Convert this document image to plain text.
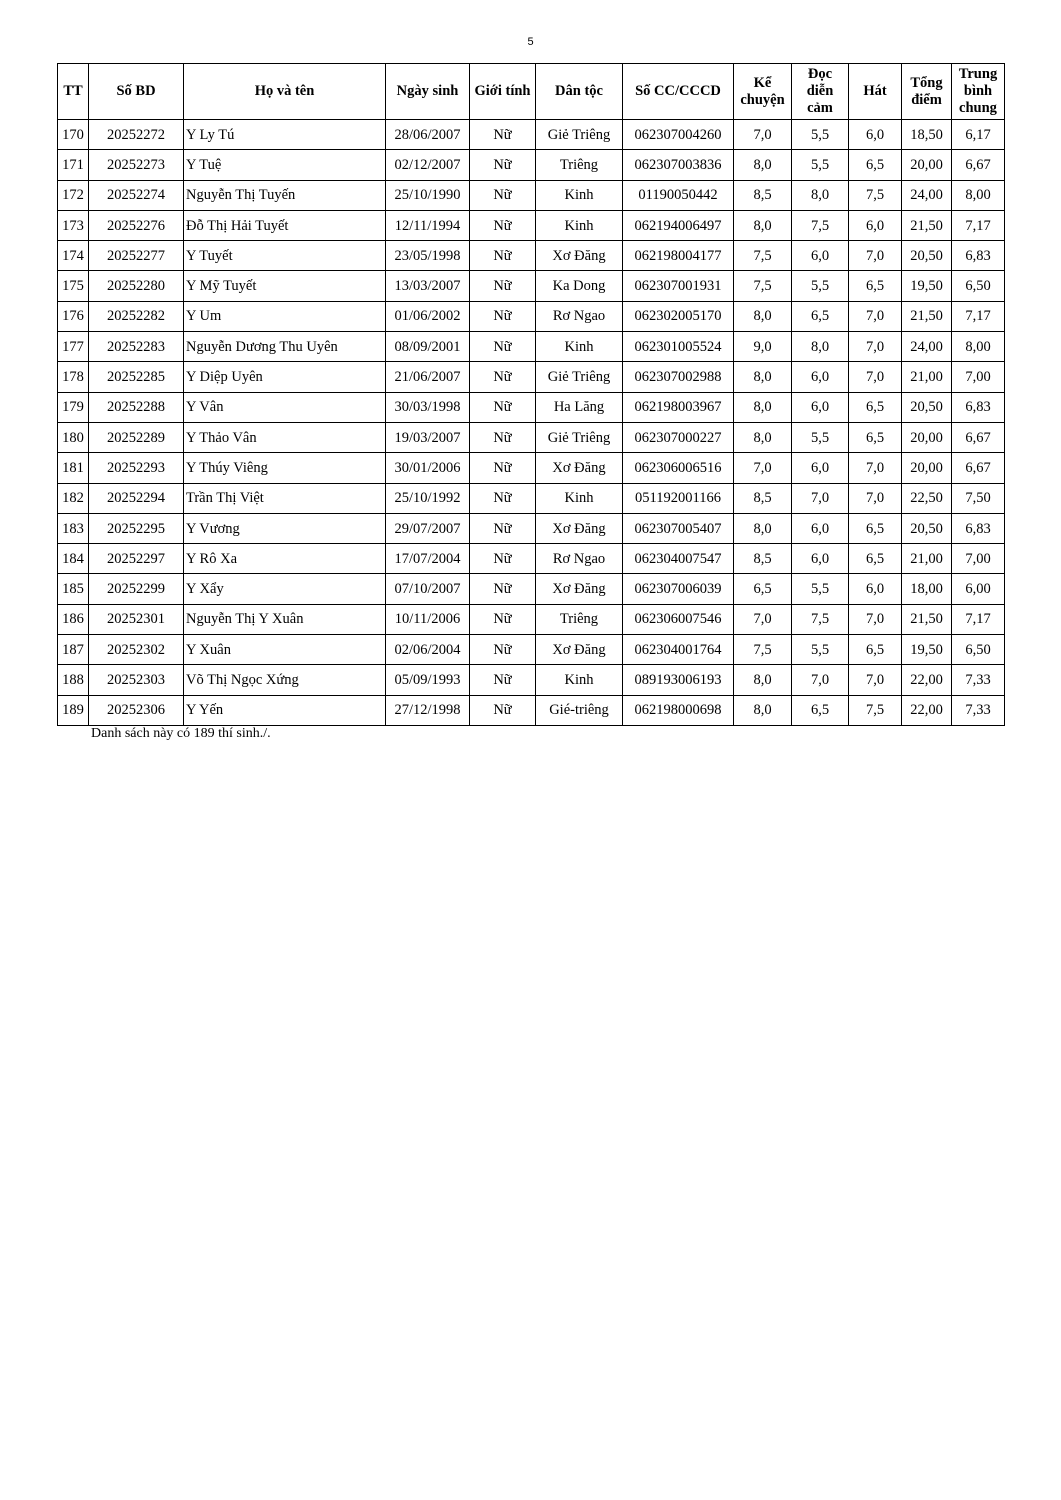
5
TT	Số BD	Họ và tên	Ngày sinh	Giới tính	Dân tộc	Số CC/CCCD	Kể chuyện	Đọc diễn cảm	Hát	Tổng điểm	Trung bình chung
170	20252272	Y Ly Tú	28/06/2007	Nữ	Giẻ Triêng	062307004260	7,0	5,5	6,0	18,50	6,17
171	20252273	Y Tuệ	02/12/2007	Nữ	Triêng	062307003836	8,0	5,5	6,5	20,00	6,67
172	20252274	Nguyễn Thị Tuyến	25/10/1990	Nữ	Kinh	01190050442	8,5	8,0	7,5	24,00	8,00
173	20252276	Đỗ Thị Hải Tuyết	12/11/1994	Nữ	Kinh	062194006497	8,0	7,5	6,0	21,50	7,17
174	20252277	Y Tuyết	23/05/1998	Nữ	Xơ Đăng	062198004177	7,5	6,0	7,0	20,50	6,83
175	20252280	Y Mỹ Tuyết	13/03/2007	Nữ	Ka Dong	062307001931	7,5	5,5	6,5	19,50	6,50
176	20252282	Y Um	01/06/2002	Nữ	Rơ Ngao	062302005170	8,0	6,5	7,0	21,50	7,17
177	20252283	Nguyễn Dương Thu Uyên	08/09/2001	Nữ	Kinh	062301005524	9,0	8,0	7,0	24,00	8,00
178	20252285	Y Diệp Uyên	21/06/2007	Nữ	Giẻ Triêng	062307002988	8,0	6,0	7,0	21,00	7,00
179	20252288	Y Vân	30/03/1998	Nữ	Ha Lăng	062198003967	8,0	6,0	6,5	20,50	6,83
180	20252289	Y Thảo Vân	19/03/2007	Nữ	Giẻ Triêng	062307000227	8,0	5,5	6,5	20,00	6,67
181	20252293	Y Thúy Viêng	30/01/2006	Nữ	Xơ Đăng	062306006516	7,0	6,0	7,0	20,00	6,67
182	20252294	Trần Thị Việt	25/10/1992	Nữ	Kinh	051192001166	8,5	7,0	7,0	22,50	7,50
183	20252295	Y Vương	29/07/2007	Nữ	Xơ Đăng	062307005407	8,0	6,0	6,5	20,50	6,83
184	20252297	Y Rô Xa	17/07/2004	Nữ	Rơ Ngao	062304007547	8,5	6,0	6,5	21,00	7,00
185	20252299	Y Xẩy	07/10/2007	Nữ	Xơ Đăng	062307006039	6,5	5,5	6,0	18,00	6,00
186	20252301	Nguyễn Thị Y Xuân	10/11/2006	Nữ	Triêng	062306007546	7,0	7,5	7,0	21,50	7,17
187	20252302	Y Xuân	02/06/2004	Nữ	Xơ Đăng	062304001764	7,5	5,5	6,5	19,50	6,50
188	20252303	Võ Thị Ngọc Xứng	05/09/1993	Nữ	Kinh	089193006193	8,0	7,0	7,0	22,00	7,33
189	20252306	Y Yến	27/12/1998	Nữ	Gié-triêng	062198000698	8,0	6,5	7,5	22,00	7,33
Danh sách này có 189 thí sinh./.
